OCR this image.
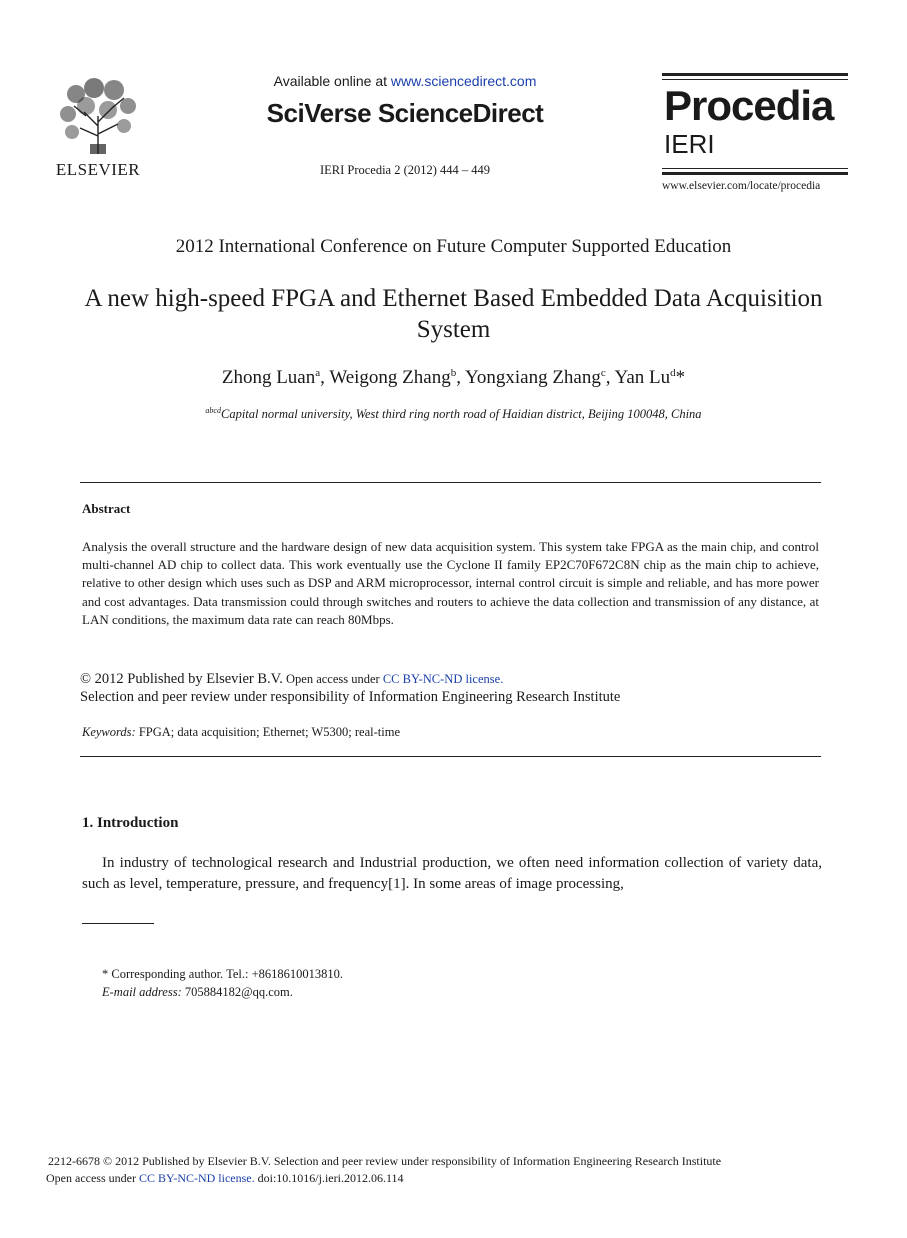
ELSEVIER
Available online at www.sciencedirect.com
SciVerse ScienceDirect
IERI Procedia 2 (2012) 444 – 449
Procedia
IERI
www.elsevier.com/locate/procedia
2012 International Conference on Future Computer Supported Education
A new high-speed FPGA and Ethernet Based Embedded Data Acquisition System
Zhong Luan$^a$, Weigong Zhang$^b$, Yongxiang Zhang$^c$, Yan Lu$^d$*
$^{abcd}$Capital normal university, West third ring north road of Haidian district, Beijing 100048, China
Abstract
Analysis the overall structure and the hardware design of new data acquisition system. This system take FPGA as the main chip, and control multi-channel AD chip to collect data. This work eventually use the Cyclone II family EP2C70F672C8N chip as the main chip to achieve, relative to other design which uses such as DSP and ARM microprocessor, internal control circuit is simple and reliable, and has more power and cost advantages. Data transmission could through switches and routers to achieve the data collection and transmission of any distance, at LAN conditions, the maximum data rate can reach 80Mbps.
© 2012 Published by Elsevier B.V. Open access under CC BY-NC-ND license.
Selection and peer review under responsibility of Information Engineering Research Institute
Keywords: FPGA; data acquisition; Ethernet; W5300; real-time
1. Introduction
In industry of technological research and Industrial production, we often need information collection of variety data, such as level, temperature, pressure, and frequency[1]. In some areas of image processing,
* Corresponding author. Tel.: +8618610013810.
E-mail address: 705884182@qq.com.
2212-6678 © 2012 Published by Elsevier B.V. Selection and peer review under responsibility of Information Engineering Research Institute
Open access under CC BY-NC-ND license. doi:10.1016/j.ieri.2012.06.114
